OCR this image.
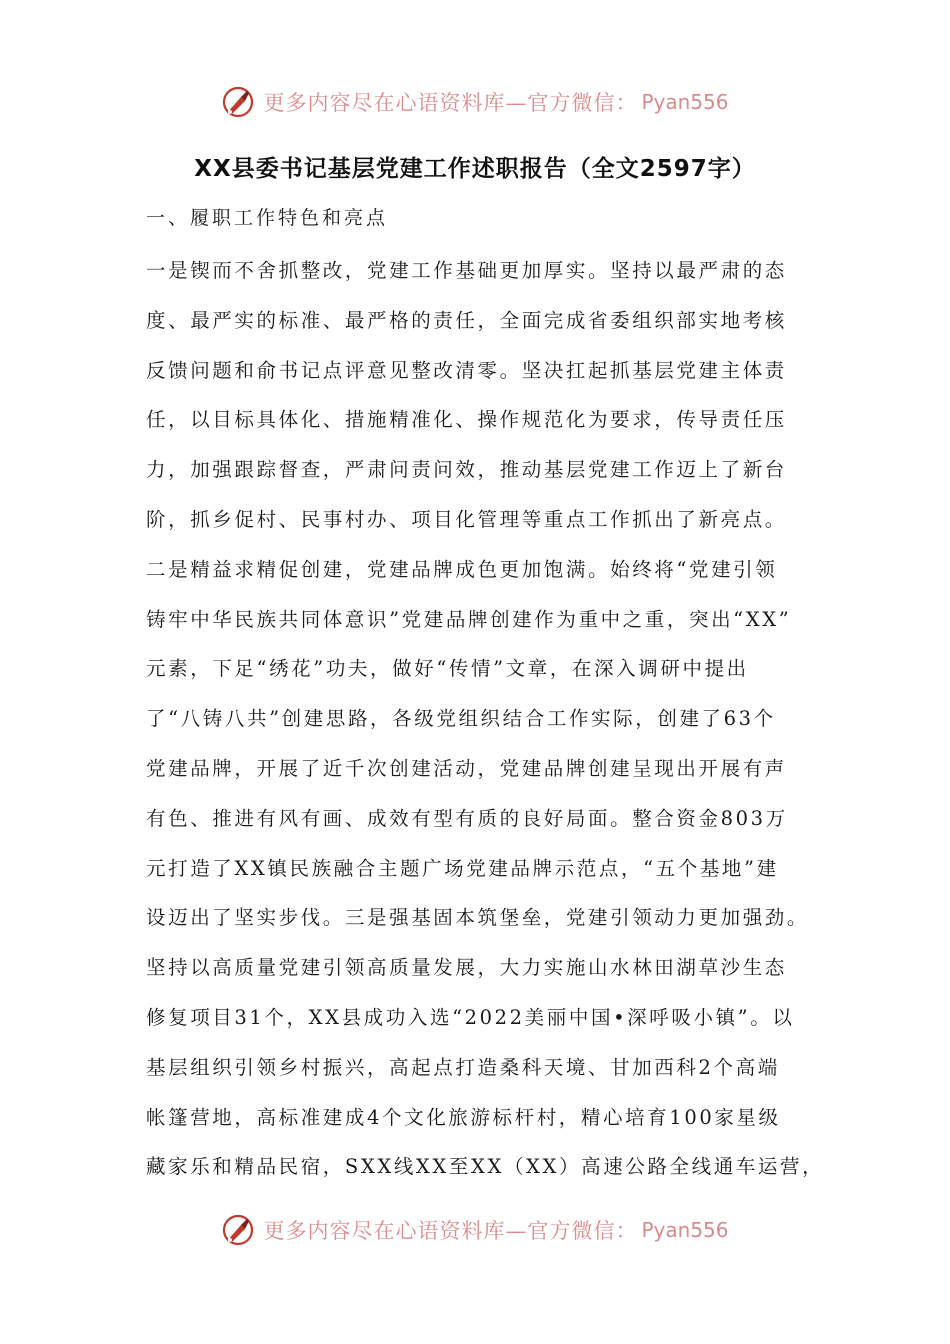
更多内容尽在心语资料库—官方微信： Pyan556
XX县委书记基层党建工作述职报告（全文2597字）
一、履职工作特色和亮点
一是锲而不舍抓整改，党建工作基础更加厚实。坚持以最严肃的态
度、最严实的标准、最严格的责任，全面完成省委组织部实地考核
反馈问题和俞书记点评意见整改清零。坚决扛起抓基层党建主体责
任，以目标具体化、措施精准化、操作规范化为要求，传导责任压
力，加强跟踪督查，严肃问责问效，推动基层党建工作迈上了新台
阶，抓乡促村、民事村办、项目化管理等重点工作抓出了新亮点。
二是精益求精促创建，党建品牌成色更加饱满。始终将“党建引领
铸牢中华民族共同体意识”党建品牌创建作为重中之重，突出“XX”
元素，下足“绣花”功夫，做好“传情”文章，在深入调研中提出
了“八铸八共”创建思路，各级党组织结合工作实际，创建了63个
党建品牌，开展了近千次创建活动，党建品牌创建呈现出开展有声
有色、推进有风有画、成效有型有质的良好局面。整合资金803万
元打造了XX镇民族融合主题广场党建品牌示范点，“五个基地”建
设迈出了坚实步伐。三是强基固本筑堡垒，党建引领动力更加强劲。
坚持以高质量党建引领高质量发展，大力实施山水林田湖草沙生态
修复项目31个，XX县成功入选“2022美丽中国•深呼吸小镇”。以
基层组织引领乡村振兴，高起点打造桑科天境、甘加西科2个高端
帐篷营地，高标准建成4个文化旅游标杆村，精心培育100家星级
藏家乐和精品民宿，SXX线XX至XX（XX）高速公路全线通车运营，
更多内容尽在心语资料库—官方微信： Pyan556
